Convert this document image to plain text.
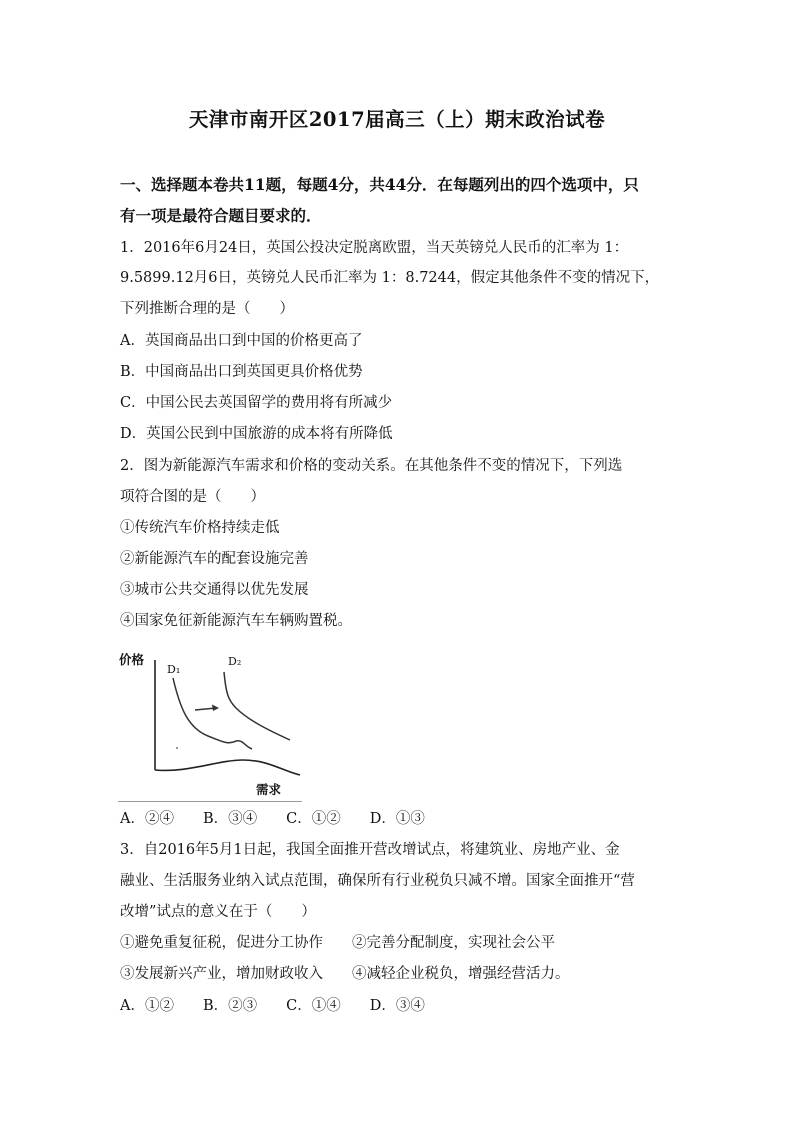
天津市南开区2017届高三（上）期末政治试卷
一、选择题本卷共11题，每题4分，共44分．在每题列出的四个选项中，只
有一项是最符合题目要求的．
1．2016年6月24日，英国公投决定脱离欧盟，当天英镑兑人民币的汇率为 1：
9.5899.12月6日，英镑兑人民币汇率为 1：8.7244，假定其他条件不变的情况下，
下列推断合理的是（　　）
A．英国商品出口到中国的价格更高了
B．中国商品出口到英国更具价格优势
C．中国公民去英国留学的费用将有所减少
D．英国公民到中国旅游的成本将有所降低
2．图为新能源汽车需求和价格的变动关系。在其他条件不变的情况下，下列选
项符合图的是（　　）
①传统汽车价格持续走低
②新能源汽车的配套设施完善
③城市公共交通得以优先发展
④国家免征新能源汽车车辆购置税。
价格
需求
D₁
D₂
A．②④　　B．③④　　C．①②　　D．①③
3．自2016年5月1日起，我国全面推开营改增试点，将建筑业、房地产业、金
融业、生活服务业纳入试点范围，确保所有行业税负只减不增。国家全面推开“营
改增”试点的意义在于（　　）
①避免重复征税，促进分工协作　　②完善分配制度，实现社会公平
③发展新兴产业，增加财政收入　　④减轻企业税负，增强经营活力。
A．①②　　B．②③　　C．①④　　D．③④
